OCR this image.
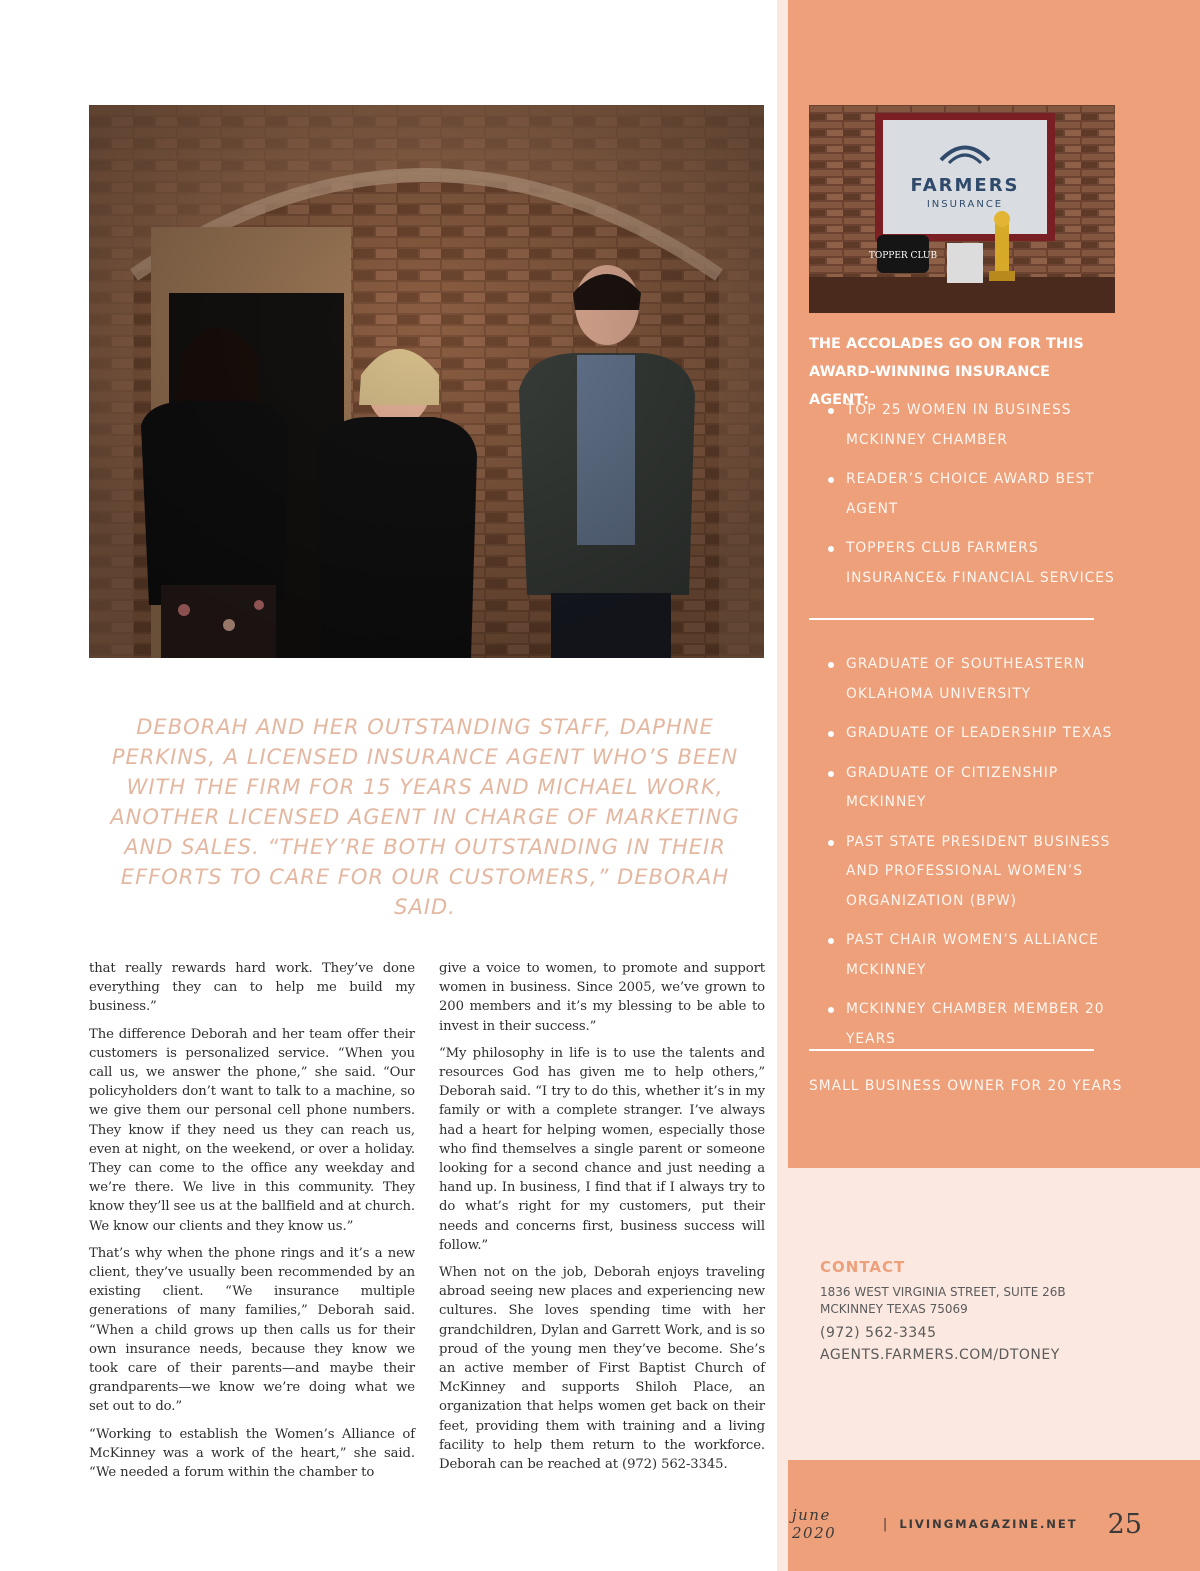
DEBORAH AND HER OUTSTANDING STAFF, DAPHNE PERKINS, A LICENSED INSURANCE AGENT WHO’S BEEN WITH THE FIRM FOR 15 YEARS AND MICHAEL WORK, ANOTHER LICENSED AGENT IN CHARGE OF MARKETING AND SALES. “THEY’RE BOTH OUTSTANDING IN THEIR EFFORTS TO CARE FOR OUR CUSTOMERS,” DEBORAH SAID.

that really rewards hard work. They’ve done everything they can to help me build my business.”

The difference Deborah and her team offer their customers is personalized service. “When you call us, we answer the phone,” she said. “Our policyholders don’t want to talk to a machine, so we give them our personal cell phone numbers. They know if they need us they can reach us, even at night, on the weekend, or over a holiday. They can come to the office any weekday and we’re there. We live in this community. They know they’ll see us at the ballfield and at church. We know our clients and they know us.”

That’s why when the phone rings and it’s a new client, they’ve usually been recommended by an existing client. “We insurance multiple generations of many families,” Deborah said. “When a child grows up then calls us for their own insurance needs, because they know we took care of their parents—and maybe their grandparents—we know we’re doing what we set out to do.”

“Working to establish the Women’s Alliance of McKinney was a work of the heart,” she said. “We needed a forum within the chamber to

give a voice to women, to promote and support women in business. Since 2005, we’ve grown to 200 members and it’s my blessing to be able to invest in their success.”

“My philosophy in life is to use the talents and resources God has given me to help others,” Deborah said. “I try to do this, whether it’s in my family or with a complete stranger. I’ve always had a heart for helping women, especially those who find themselves a single parent or someone looking for a second chance and just needing a hand up. In business, I find that if I always try to do what’s right for my customers, put their needs and concerns first, business success will follow.”

When not on the job, Deborah enjoys traveling abroad seeing new places and experiencing new cultures. She loves spending time with her grandchildren, Dylan and Garrett Work, and is so proud of the young men they’ve become. She’s an active member of First Baptist Church of McKinney and supports Shiloh Place, an organization that helps women get back on their feet, providing them with training and a living facility to help them return to the workforce. Deborah can be reached at (972) 562-3345.

FARMERS
INSURANCE
TOPPER CLUB
THE ACCOLADES GO ON FOR THIS AWARD-WINNING INSURANCE AGENT:
TOP 25 WOMEN IN BUSINESS MCKINNEY CHAMBER
READER’S CHOICE AWARD BEST AGENT
TOPPERS CLUB FARMERS INSURANCE& FINANCIAL SERVICES
GRADUATE OF SOUTHEASTERN OKLAHOMA UNIVERSITY
GRADUATE OF LEADERSHIP TEXAS
GRADUATE OF CITIZENSHIP MCKINNEY
PAST STATE PRESIDENT BUSINESS AND PROFESSIONAL WOMEN’S ORGANIZATION (BPW)
PAST CHAIR WOMEN’S ALLIANCE MCKINNEY
MCKINNEY CHAMBER MEMBER 20 YEARS
SMALL BUSINESS OWNER FOR 20 YEARS
CONTACT
1836 WEST VIRGINIA STREET, SUITE 26B
MCKINNEY TEXAS 75069
(972) 562-3345
AGENTS.FARMERS.COM/DTONEY
june 2020	| LIVINGMAGAZINE.NET 25
